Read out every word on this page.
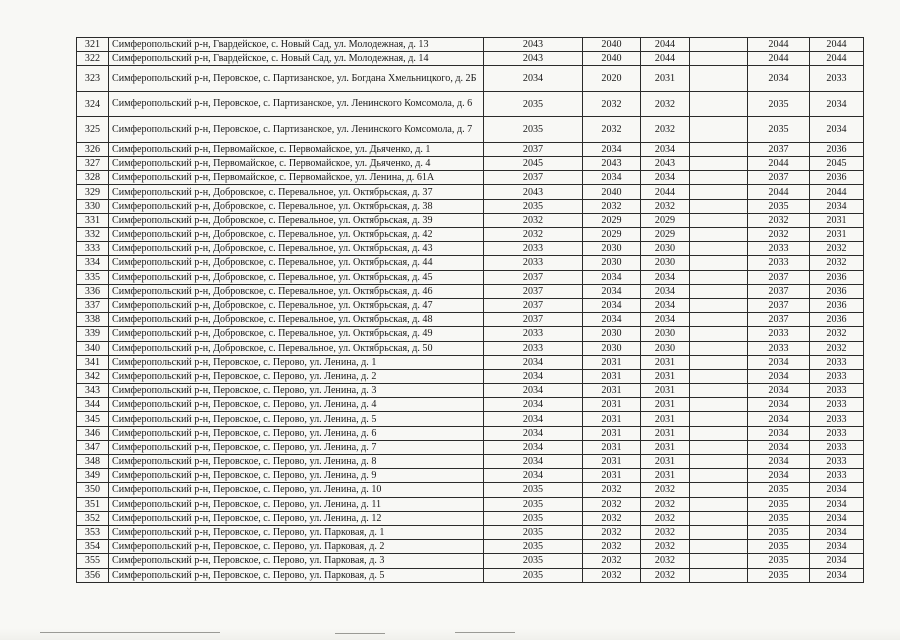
321	Симферопольский р-н, Гвардейское, с. Новый Сад, ул. Молодежная, д. 13	2043	2040	2044		2044	2044
322	Симферопольский р-н, Гвардейское, с. Новый Сад, ул. Молодежная, д. 14	2043	2040	2044		2044	2044
323	Симферопольский р-н, Перовское, с. Партизанское, ул. Богдана Хмельницкого, д. 2Б	2034	2020	2031		2034	2033
324	Симферопольский р-н, Перовское, с. Партизанское, ул. Ленинского Комсомола, д. 6	2035	2032	2032		2035	2034
325	Симферопольский р-н, Перовское, с. Партизанское, ул. Ленинского Комсомола, д. 7	2035	2032	2032		2035	2034
326	Симферопольский р-н, Первомайское, с. Первомайское, ул. Дьяченко, д. 1	2037	2034	2034		2037	2036
327	Симферопольский р-н, Первомайское, с. Первомайское, ул. Дьяченко, д. 4	2045	2043	2043		2044	2045
328	Симферопольский р-н, Первомайское, с. Первомайское, ул. Ленина, д. 61А	2037	2034	2034		2037	2036
329	Симферопольский р-н, Добровское, с. Перевальное, ул. Октябрьская, д. 37	2043	2040	2044		2044	2044
330	Симферопольский р-н, Добровское, с. Перевальное, ул. Октябрьская, д. 38	2035	2032	2032		2035	2034
331	Симферопольский р-н, Добровское, с. Перевальное, ул. Октябрьская, д. 39	2032	2029	2029		2032	2031
332	Симферопольский р-н, Добровское, с. Перевальное, ул. Октябрьская, д. 42	2032	2029	2029		2032	2031
333	Симферопольский р-н, Добровское, с. Перевальное, ул. Октябрьская, д. 43	2033	2030	2030		2033	2032
334	Симферопольский р-н, Добровское, с. Перевальное, ул. Октябрьская, д. 44	2033	2030	2030		2033	2032
335	Симферопольский р-н, Добровское, с. Перевальное, ул. Октябрьская, д. 45	2037	2034	2034		2037	2036
336	Симферопольский р-н, Добровское, с. Перевальное, ул. Октябрьская, д. 46	2037	2034	2034		2037	2036
337	Симферопольский р-н, Добровское, с. Перевальное, ул. Октябрьская, д. 47	2037	2034	2034		2037	2036
338	Симферопольский р-н, Добровское, с. Перевальное, ул. Октябрьская, д. 48	2037	2034	2034		2037	2036
339	Симферопольский р-н, Добровское, с. Перевальное, ул. Октябрьская, д. 49	2033	2030	2030		2033	2032
340	Симферопольский р-н, Добровское, с. Перевальное, ул. Октябрьская, д. 50	2033	2030	2030		2033	2032
341	Симферопольский р-н, Перовское, с. Перово, ул. Ленина, д. 1	2034	2031	2031		2034	2033
342	Симферопольский р-н, Перовское, с. Перово, ул. Ленина, д. 2	2034	2031	2031		2034	2033
343	Симферопольский р-н, Перовское, с. Перово, ул. Ленина, д. 3	2034	2031	2031		2034	2033
344	Симферопольский р-н, Перовское, с. Перово, ул. Ленина, д. 4	2034	2031	2031		2034	2033
345	Симферопольский р-н, Перовское, с. Перово, ул. Ленина, д. 5	2034	2031	2031		2034	2033
346	Симферопольский р-н, Перовское, с. Перово, ул. Ленина, д. 6	2034	2031	2031		2034	2033
347	Симферопольский р-н, Перовское, с. Перово, ул. Ленина, д. 7	2034	2031	2031		2034	2033
348	Симферопольский р-н, Перовское, с. Перово, ул. Ленина, д. 8	2034	2031	2031		2034	2033
349	Симферопольский р-н, Перовское, с. Перово, ул. Ленина, д. 9	2034	2031	2031		2034	2033
350	Симферопольский р-н, Перовское, с. Перово, ул. Ленина, д. 10	2035	2032	2032		2035	2034
351	Симферопольский р-н, Перовское, с. Перово, ул. Ленина, д. 11	2035	2032	2032		2035	2034
352	Симферопольский р-н, Перовское, с. Перово, ул. Ленина, д. 12	2035	2032	2032		2035	2034
353	Симферопольский р-н, Перовское, с. Перово, ул. Парковая, д. 1	2035	2032	2032		2035	2034
354	Симферопольский р-н, Перовское, с. Перово, ул. Парковая, д. 2	2035	2032	2032		2035	2034
355	Симферопольский р-н, Перовское, с. Перово, ул. Парковая, д. 3	2035	2032	2032		2035	2034
356	Симферопольский р-н, Перовское, с. Перово, ул. Парковая, д. 5	2035	2032	2032		2035	2034
